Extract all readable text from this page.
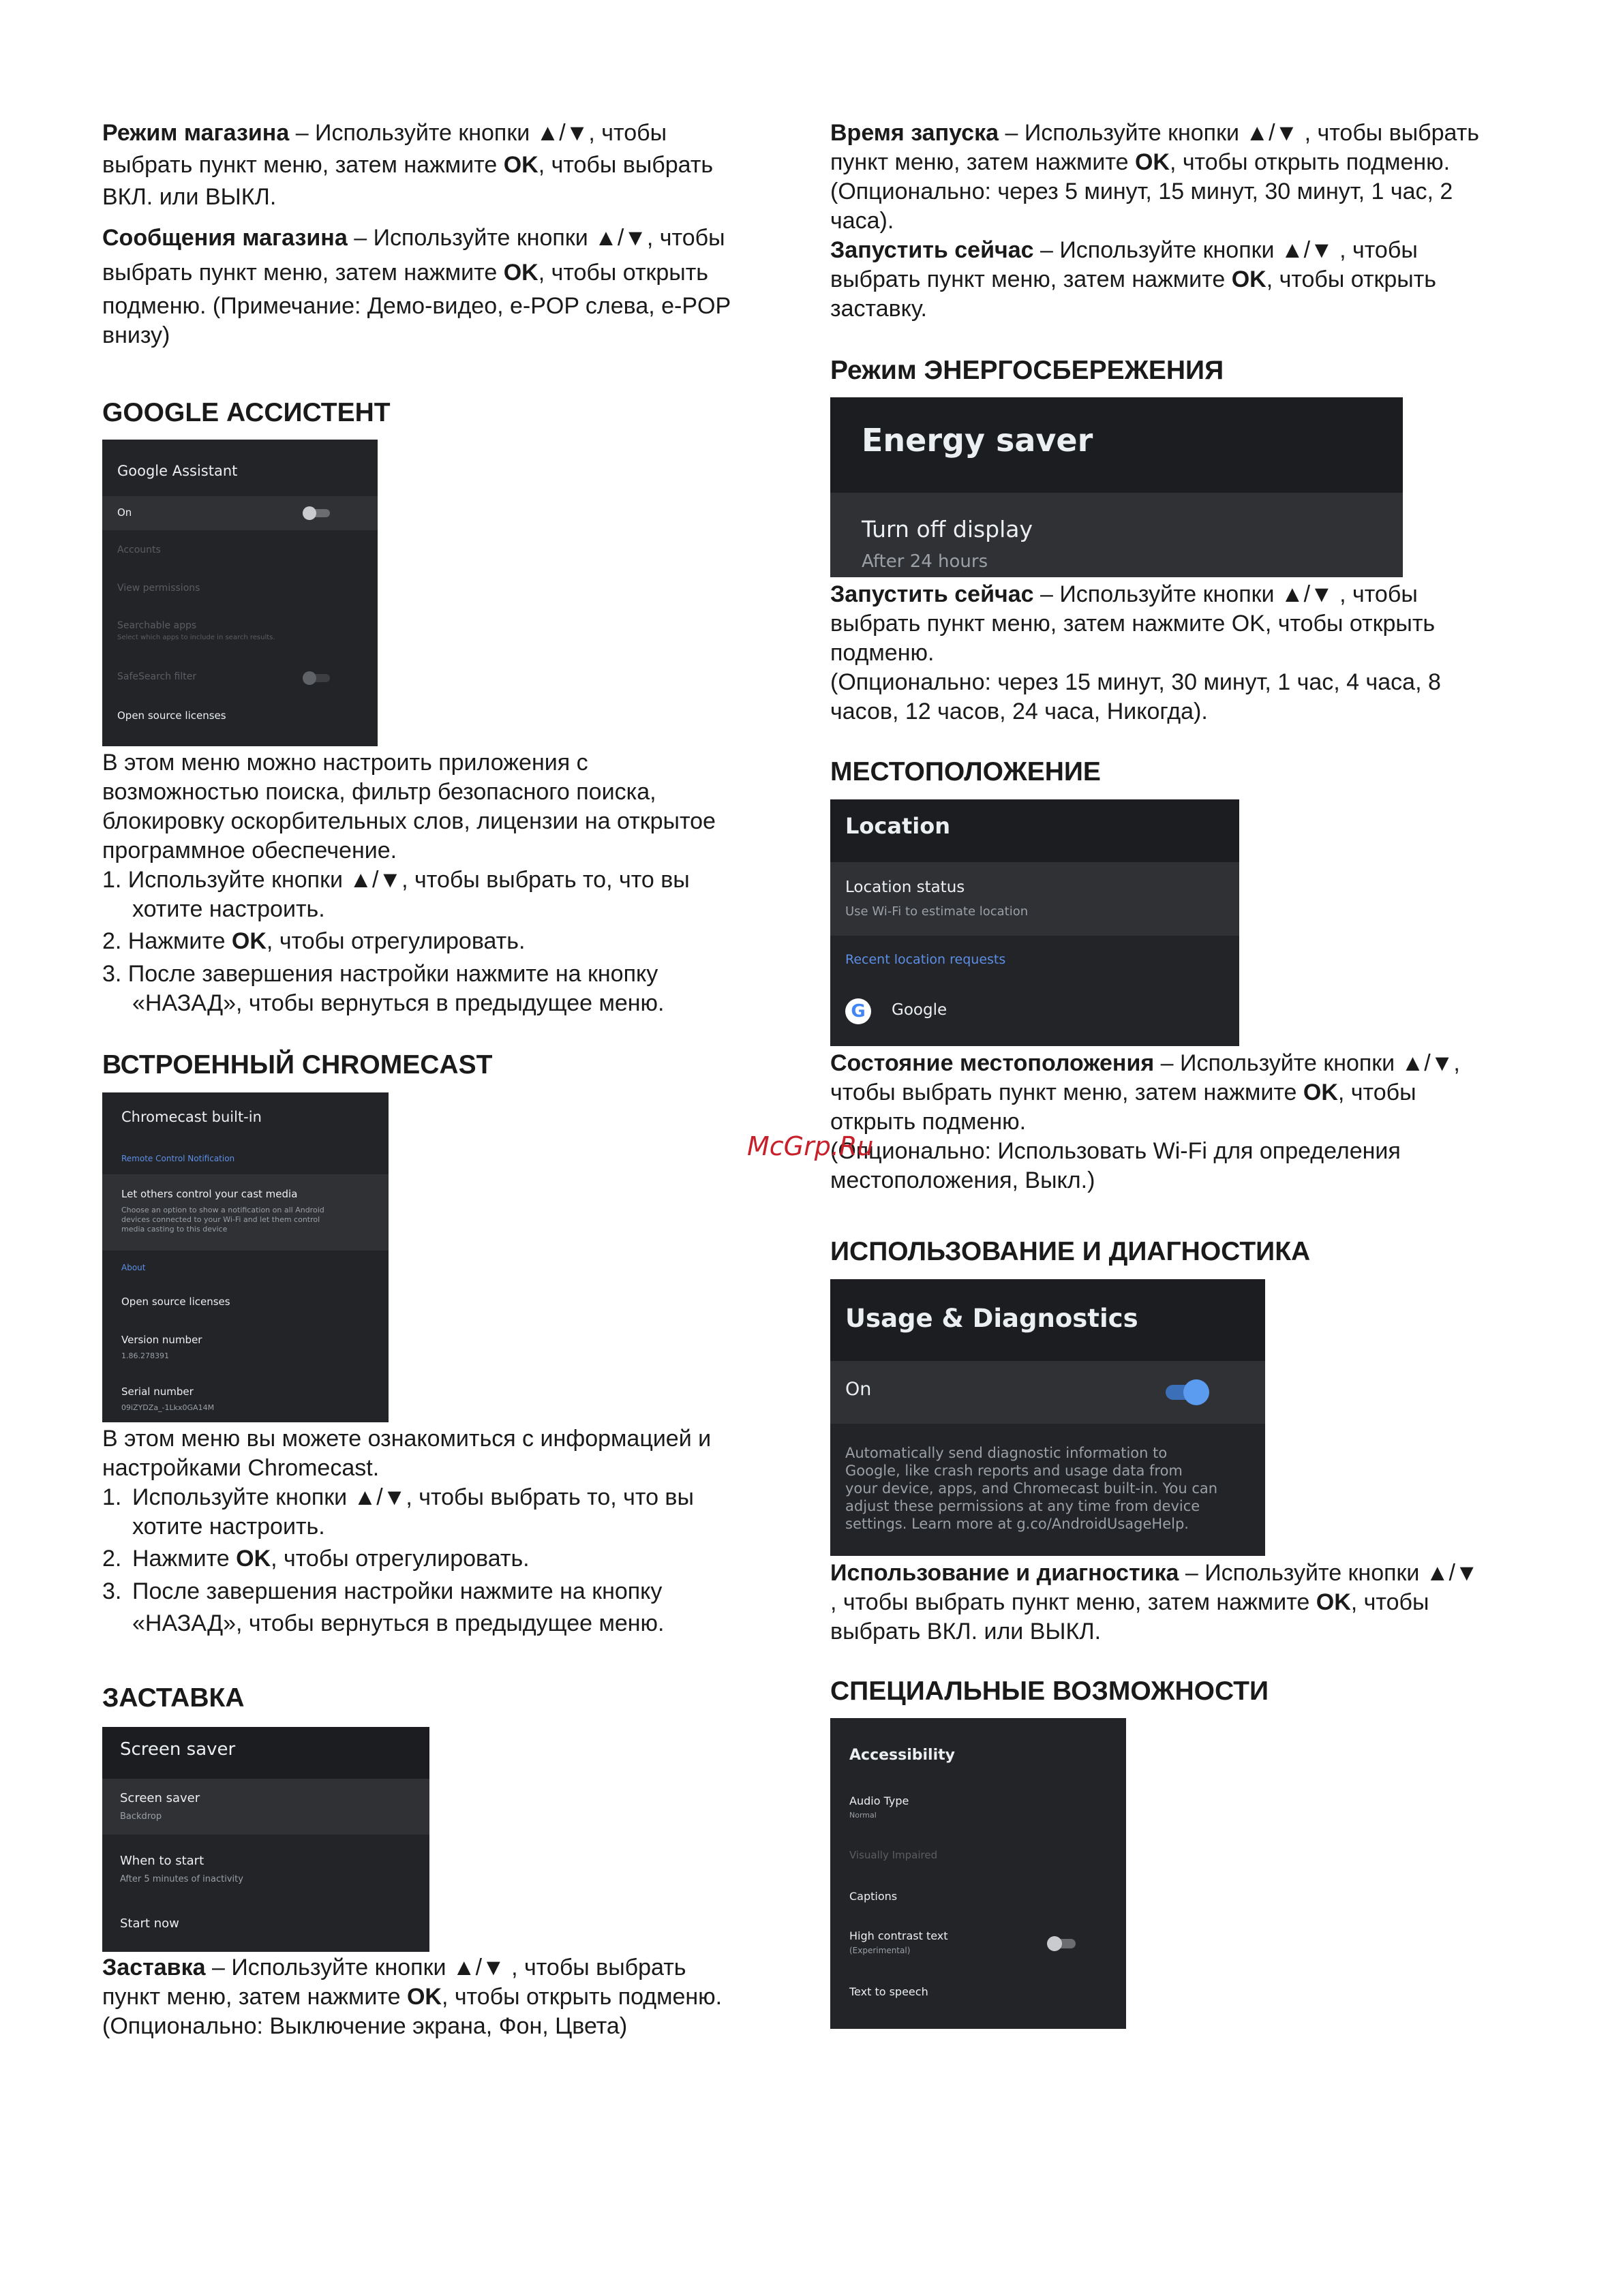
Режим магазина – Используйте кнопки ▲/▼, чтобы

выбрать пункт меню, затем нажмите OK, чтобы выбрать

ВКЛ. или ВЫКЛ.

Сообщения магазина – Используйте кнопки ▲/▼, чтобы

выбрать пункт меню, затем нажмите OK, чтобы открыть

подменю. (Примечание: Демо-видео, е-POP слева, е-POP

внизу)

GOOGLE АССИСТЕНТ
Google Assistant
On
Accounts
View permissions
Searchable apps
Select which apps to include in search results.
SafeSearch filter
Open source licenses

В этом меню можно настроить приложения с

возможностью поиска, фильтр безопасного поиска,

блокировку оскорбительных слов, лицензии на открытое

программное обеспечение.

1. Используйте кнопки ▲/▼, чтобы выбрать то, что вы

хотите настроить.

2. Нажмите OK, чтобы отрегулировать.

3. После завершения настройки нажмите на кнопку

«НАЗАД», чтобы вернуться в предыдущее меню.

ВСТРОЕННЫЙ CHROMECAST
Chromecast built-in
Remote Control Notification
Let others control your cast media
Choose an option to show a notification on all Android
devices connected to your Wi-Fi and let them control
media casting to this device
About
Open source licenses
Version number
1.86.278391
Serial number
09iZYDZa_-1Lkx0GA14M

В этом меню вы можете ознакомиться с информацией и

настройками Chromecast.

1. Используйте кнопки ▲/▼, чтобы выбрать то, что вы

хотите настроить.

2. Нажмите OK, чтобы отрегулировать.

3. После завершения настройки нажмите на кнопку

«НАЗАД», чтобы вернуться в предыдущее меню.

ЗАСТАВКА
Screen saver
Screen saver
Backdrop
When to start
After 5 minutes of inactivity
Start now

Заставка – Используйте кнопки ▲/▼ , чтобы выбрать

пункт меню, затем нажмите OK, чтобы открыть подменю.

(Опционально: Выключение экрана, Фон, Цвета)

Время запуска – Используйте кнопки ▲/▼ , чтобы выбрать

пункт меню, затем нажмите OK, чтобы открыть подменю.

(Опционально: через 5 минут, 15 минут, 30 минут, 1 час, 2

часа).

Запустить сейчас – Используйте кнопки ▲/▼ , чтобы

выбрать пункт меню, затем нажмите OK, чтобы открыть

заставку.

Режим ЭНЕРГОСБЕРЕЖЕНИЯ
Energy saver
Turn off display
After 24 hours

Запустить сейчас – Используйте кнопки ▲/▼ , чтобы

выбрать пункт меню, затем нажмите OK, чтобы открыть

подменю.

(Опционально: через 15 минут, 30 минут, 1 час, 4 часа, 8

часов, 12 часов, 24 часа, Никогда).

МЕСТОПОЛОЖЕНИЕ
Location
Location status
Use Wi-Fi to estimate location
Recent location requests
G	Google

Состояние местоположения – Используйте кнопки ▲/▼,

чтобы выбрать пункт меню, затем нажмите OK, чтобы

открыть подменю.

(Опционально: Использовать Wi-Fi для определения

местоположения, Выкл.)

ИСПОЛЬЗОВАНИЕ И ДИАГНОСТИКА
Usage & Diagnostics
On
Automatically send diagnostic information to
Google, like crash reports and usage data from
your device, apps, and Chromecast built-in. You can
adjust these permissions at any time from device
settings. Learn more at g.co/AndroidUsageHelp.

Использование и диагностика – Используйте кнопки ▲/▼

, чтобы выбрать пункт меню, затем нажмите OK, чтобы

выбрать ВКЛ. или ВЫКЛ.

СПЕЦИАЛЬНЫЕ ВОЗМОЖНОСТИ
Accessibility
Audio Type
Normal
Visually Impaired
Captions
High contrast text
(Experimental)
Text to speech
McGrp.Ru
